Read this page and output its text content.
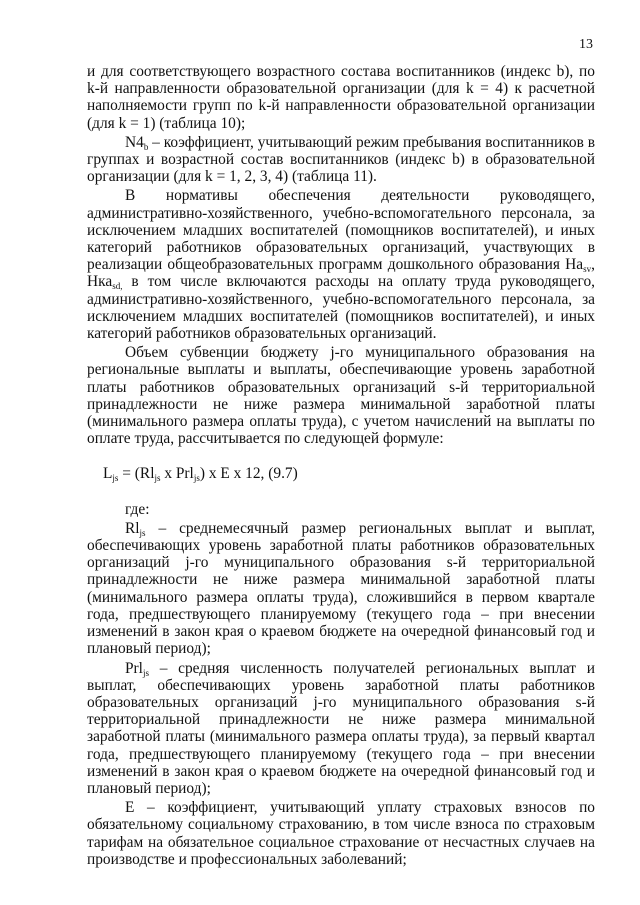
13

и для соответствующего возрастного состава воспитанников (индекс b), по k-й направленности образовательной организации (для k = 4) к расчетной наполняемости групп по k-й направленности образовательной организации (для k = 1) (таблица 10);

$N4_b$ – коэффициент, учитывающий режим пребывания воспитанников в группах и возрастной состав воспитанников (индекс b) в образовательной организации (для k = 1, 2, 3, 4) (таблица 11).

В нормативы обеспечения деятельности руководящего, административно-хозяйственного, учебно-вспомогательного персонала, за исключением младших воспитателей (помощников воспитателей), и иных категорий работников образовательных организаций, участвующих в реализации общеобразовательных программ дошкольного образования $На_{sv}$, Нка$_{sd,}$ в том числе включаются расходы на оплату труда руководящего, административно-хозяйственного, учебно-вспомогательного персонала, за исключением младших воспитателей (помощников воспитателей), и иных категорий работников образовательных организаций.

Объем субвенции бюджету j-го муниципального образования на региональные выплаты и выплаты, обеспечивающие уровень заработной платы работников образовательных организаций s-й территориальной принадлежности не ниже размера минимальной заработной платы (минимального размера оплаты труда), с учетом начислений на выплаты по оплате труда, рассчитывается по следующей формуле:

$L_{js} = (Rl_{js}$ x Prl$_{js}$) x E x 12, (9.7)

где:

$Rl_{js}$ – среднемесячный размер региональных выплат и выплат, обеспечивающих уровень заработной платы работников образовательных организаций j-го муниципального образования s-й территориальной принадлежности не ниже размера минимальной заработной платы (минимального размера оплаты труда), сложившийся в первом квартале года, предшествующего планируемому (текущего года – при внесении изменений в закон края о краевом бюджете на очередной финансовый год и плановый период);

Prl$_{js}$ – средняя численность получателей региональных выплат и выплат, обеспечивающих уровень заработной платы работников образовательных организаций j-го муниципального образования s-й территориальной принадлежности не ниже размера минимальной заработной платы (минимального размера оплаты труда), за первый квартал года, предшествующего планируемому (текущего года – при внесении изменений в закон края о краевом бюджете на очередной финансовый год и плановый период);

E – коэффициент, учитывающий уплату страховых взносов по обязательному социальному страхованию, в том числе взноса по страховым тарифам на обязательное социальное страхование от несчастных случаев на производстве и профессиональных заболеваний;
